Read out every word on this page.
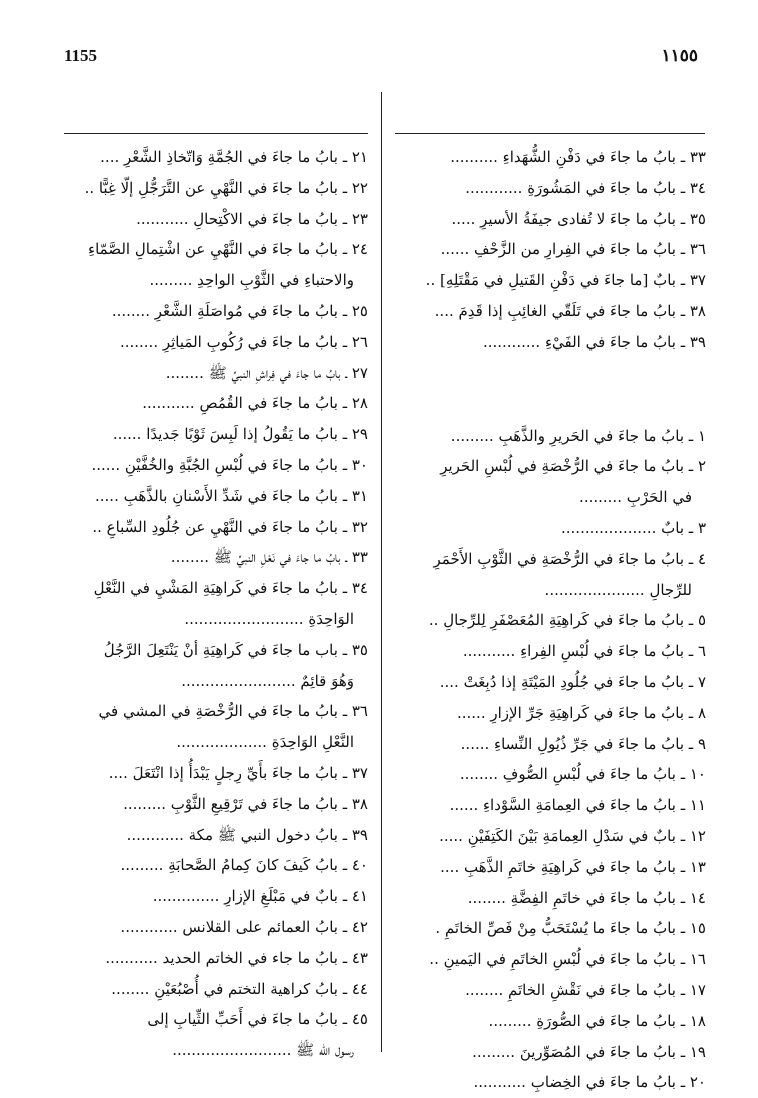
1155	١١٥٥
٣٣ ـ بابُ ما جاءَ في دَفْنِ الشُّهَداءِ ..........
٣٤ ـ بابُ ما جاءَ في المَشُورَةِ ............
٣٥ ـ بابُ ما جاءَ لا تُفادى جيفَةُ الأسيرِ .....
٣٦ ـ بابُ ما جاءَ في الفِرارِ من الزَّحْفِ ......
٣٧ ـ بابٌ [ما جاءَ في دَفْنِ القَتيلِ في مَقْتَلِهِ] ..
٣٨ ـ بابُ ما جاءَ في تَلَقّي الغائِبِ إذا قَدِمَ ....
٣٩ ـ بابُ ما جاءَ في الفَيْءِ ............
١ ـ بابُ ما جاءَ في الحَريرِ والذَّهَبِ .........
٢ ـ بابُ ما جاءَ في الرُّخْصَةِ في لُبْسِ الحَريرِ
في الحَرْبِ .........
٣ ـ بابٌ ....................
٤ ـ بابُ ما جاءَ في الرُّخْصَةِ في الثَّوْبِ الأَحْمَرِ
للرِّجالِ .....................
٥ ـ بابُ ما جاءَ في كَراهِيَةِ المُعَصْفَرِ لِلرِّجالِ ..
٦ ـ بابُ ما جاءَ في لُبْسِ الفِراءِ ...........
٧ ـ بابُ ما جاءَ في جُلُودِ المَيْتَةِ إذا دُبِغَتْ ....
٨ ـ بابُ ما جاءَ في كَراهِيَةِ جَرِّ الإزارِ ......
٩ ـ بابُ ما جاءَ في جَرِّ ذُيُولِ النِّساءِ ......
١٠ ـ بابُ ما جاءَ في لُبْسِ الصُّوفِ ........
١١ ـ بابُ ما جاءَ في العِمامَةِ السَّوْداءِ ......
١٢ ـ بابٌ في سَدْلِ العِمامَةِ بَيْنَ الكَتِفَيْنِ .....
١٣ ـ بابُ ما جاءَ في كَراهِيَةِ خاتَمِ الذَّهَبِ ....
١٤ ـ بابُ ما جاءَ في خاتَمِ الفِضَّةِ ........
١٥ ـ بابُ ما جاءَ ما يُسْتَحَبُّ مِنْ فَصِّ الخاتَمِ .
١٦ ـ بابُ ما جاءَ في لُبْسِ الخاتَمِ في اليَمينِ ..
١٧ ـ بابُ ما جاءَ في نَقْشِ الخاتَمِ ........
١٨ ـ بابُ ما جاءَ في الصُّورَةِ .........
١٩ ـ بابُ ما جاءَ في المُصَوِّرينَ .........
٢٠ ـ بابُ ما جاءَ في الخِضابِ ...........
٢١ ـ بابُ ما جاءَ في الجُمَّةِ وَاتّخاذِ الشَّعْرِ ....
٢٢ ـ بابُ ما جاءَ في النَّهْيِ عن التَّرَجُّلِ إلّا غِبًّا ..
٢٣ ـ بابُ ما جاءَ في الاكْتِحالِ ...........
٢٤ ـ بابُ ما جاءَ في النَّهْيِ عن اشْتِمالِ الصَّمّاءِ
والاحتباءِ في الثَّوْبِ الواحِدِ .........
٢٥ ـ بابُ ما جاءَ في مُواصَلَةِ الشَّعْرِ ........
٢٦ ـ بابُ ما جاءَ في رُكُوبِ المَياثِرِ ........
٢٧ ـ بابُ ما جاءَ في فِراشِ النبيِّ ﷺ ........
٢٨ ـ بابُ ما جاءَ في القُمُصِ ...........
٢٩ ـ بابُ ما يَقُولُ إذا لَبِسَ ثَوْبًا جَديدًا ......
٣٠ ـ بابُ ما جاءَ في لُبْسِ الجُبَّةِ والخُفَّيْنِ ......
٣١ ـ بابُ ما جاءَ في شَدِّ الأَسْنانِ بالذَّهَبِ .....
٣٢ ـ بابُ ما جاءَ في النَّهْيِ عن جُلُودِ السِّباعِ ..
٣٣ ـ بابُ ما جاءَ في نَعْلِ النبيِّ ﷺ ........
٣٤ ـ بابُ ما جاءَ في كَراهِيَةِ المَشْيِ في النَّعْلِ
الوَاحِدَةِ .........................
٣٥ ـ باب ما جاءَ في كَراهِيَةِ أنْ يَنْتَعِلَ الرَّجُلُ
وَهُوَ قائِمٌ ........................
٣٦ ـ بابُ ما جاءَ في الرُّخْصَةِ في المشي في
النَّعْلِ الوَاحِدَةِ ...................
٣٧ ـ بابُ ما جاءَ بأَيِّ رِجلٍ يَبْدَأُ إذا انْتَعَلَ ....
٣٨ ـ بابُ ما جاءَ في تَرْقِيعِ الثَّوْبِ .........
٣٩ ـ بابُ دخول النبي ﷺ مكة ............
٤٠ ـ بابُ كَيفَ كانَ كِمامُ الصَّحابَةِ .........
٤١ ـ بابٌ في مَبْلَغِ الإزارِ ..............
٤٢ ـ بابُ العمائم على القلانس ............
٤٣ ـ بابُ ما جاء في الخاتم الحديد ...........
٤٤ ـ بابُ كراهية التختم في أُصْبُعَيْنِ ........
٤٥ ـ بابُ ما جاءَ في أَحَبِّ الثِّيابِ إلى
رسول الله ﷺ .........................
